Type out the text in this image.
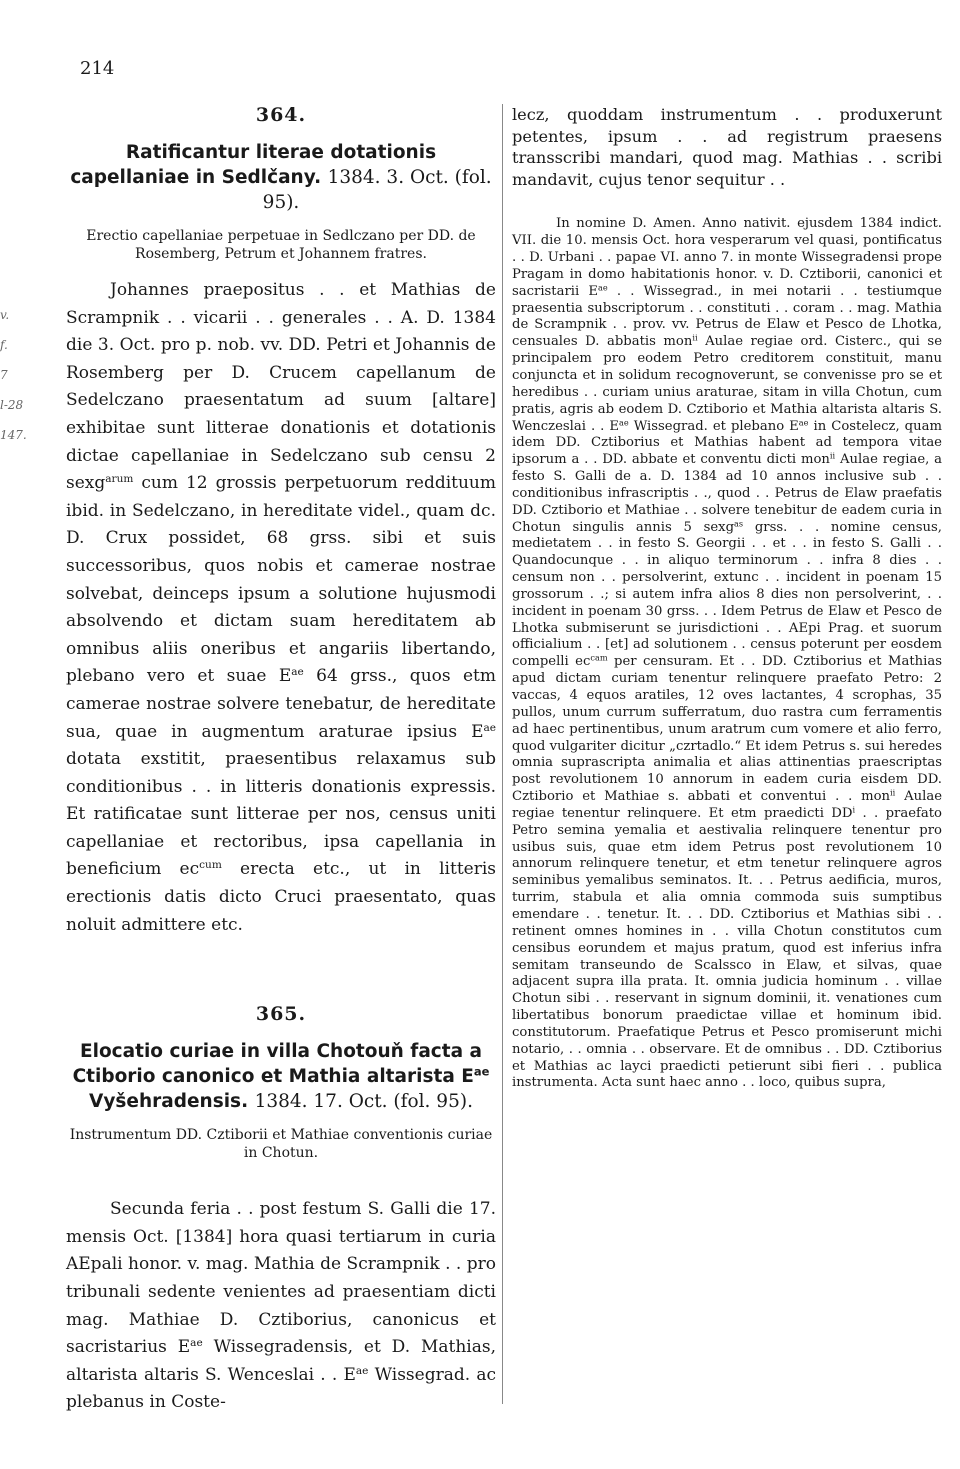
214
v.
f.
7
l-28
147.
364.
Ratificantur literae dotationis capellaniae in Sedlčany. 1384. 3. Oct. (fol. 95).
Erectio capellaniae perpetuae in Sedlczano per DD. de Rosemberg, Petrum et Johannem fratres.

Johannes praepositus . . et Mathias de Scrampnik . . vicarii . . generales . . A. D. 1384 die 3. Oct. pro p. nob. vv. DD. Petri et Johannis de Rosemberg per D. Crucem capellanum de Sedelczano praesentatum ad suum [altare] exhibitae sunt litterae donationis et dotationis dictae capellaniae in Sedelczano sub censu 2 sexg$^{arum}$ cum 12 grossis perpetuorum reddituum ibid. in Sedelczano, in hereditate videl., quam dc. D. Crux possidet, 68 grss. sibi et suis successoribus, quos nobis et camerae nostrae solvebat, deinceps ipsum a solutione hujusmodi absolvendo et dictam suam hereditatem ab omnibus aliis oneribus et angariis libertando, plebano vero et suae $E^{ae}$ 64 grss., quos etm camerae nostrae solvere tenebatur, de hereditate sua, quae in augmentum araturae ipsius $E^{ae}$ dotata exstitit, praesentibus relaxamus sub conditionibus . . in litteris donationis expressis. Et ratificatae sunt litterae per nos, census uniti capellaniae et rectoribus, ipsa capellania in beneficium $ec^{cum}$ erecta etc., ut in litteris erectionis datis dicto Cruci praesentato, quas noluit admittere etc.

365.
Elocatio curiae in villa Chotouň facta a Ctiborio canonico et Mathia altarista $E^{ae}$ Vyšehradensis. 1384. 17. Oct. (fol. 95).
Instrumentum DD. Cztiborii et Mathiae conventionis curiae in Chotun.

Secunda feria . . post festum S. Galli die 17. mensis Oct. [1384] hora quasi tertiarum in curia AEpali honor. v. mag. Mathia de Scrampnik . . pro tribunali sedente venientes ad praesentiam dicti mag. Mathiae D. Cztiborius, canonicus et sacristarius $E^{ae}$ Wissegradensis, et D. Mathias, altarista altaris S. Wenceslai . . $E^{ae}$ Wissegrad. ac plebanus in Coste-

lecz, quoddam instrumentum . . produxerunt petentes, ipsum . . ad registrum praesens transscribi mandari, quod mag. Mathias . . scribi mandavit, cujus tenor sequitur . .

In nomine D. Amen. Anno nativit. ejusdem 1384 indict. VII. die 10. mensis Oct. hora vesperarum vel quasi, pontificatus . . D. Urbani . . papae VI. anno 7. in monte Wissegradensi prope Pragam in domo habitationis honor. v. D. Cztiborii, canonici et sacristarii $E^{ae}$ . . Wissegrad., in mei notarii . . testiumque praesentia subscriptorum . . constituti . . coram . . mag. Mathia de Scrampnik . . prov. vv. Petrus de Elaw et Pesco de Lhotka, censuales D. abbatis mon$^{ii}$ Aulae regiae ord. Cisterc., qui se principalem pro eodem Petro creditorem constituit, manu conjuncta et in solidum recognoverunt, se convenisse pro se et heredibus . . curiam unius araturae, sitam in villa Chotun, cum pratis, agris ab eodem D. Cztiborio et Mathia altarista altaris S. Wenczeslai . . $E^{ae}$ Wissegrad. et plebano $E^{ae}$ in Costelecz, quam idem DD. Cztiborius et Mathias habent ad tempora vitae ipsorum a . . DD. abbate et conventu dicti mon$^{ii}$ Aulae regiae, a festo S. Galli de a. D. 1384 ad 10 annos inclusive sub . . conditionibus infrascriptis . ., quod . . Petrus de Elaw praefatis DD. Cztiborio et Mathiae . . solvere tenebitur de eadem curia in Chotun singulis annis 5 sexg$^{as}$ grss. . . nomine census, medietatem . . in festo S. Georgii . . et . . in festo S. Galli . . Quandocunque . . in aliquo terminorum . . infra 8 dies . . censum non . . persolverint, extunc . . incident in poenam 15 grossorum . .; si autem infra alios 8 dies non persolverint, . . incident in poenam 30 grss. . . Idem Petrus de Elaw et Pesco de Lhotka submiserunt se jurisdictioni . . AEpi Prag. et suorum officialium . . [et] ad solutionem . . census poterunt per eosdem compelli $ec^{cam}$ per censuram. Et . . DD. Cztiborius et Mathias apud dictam curiam tenentur relinquere praefato Petro: 2 vaccas, 4 equos aratiles, 12 oves lactantes, 4 scrophas, 35 pullos, unum currum sufferratum, duo rastra cum ferramentis ad haec pertinentibus, unum aratrum cum vomere et alio ferro, quod vulgariter dicitur „czrtadlo.“ Et idem Petrus s. sui heredes omnia suprascripta animalia et alias attinentias praescriptas post revolutionem 10 annorum in eadem curia eisdem DD. Cztiborio et Mathiae s. abbati et conventui . . mon$^{ii}$ Aulae regiae tenentur relinquere. Et etm praedicti $DD^i$ . . praefato Petro semina yemalia et aestivalia relinquere tenentur pro usibus suis, quae etm idem Petrus post revolutionem 10 annorum relinquere tenetur, et etm tenetur relinquere agros seminibus yemalibus seminatos. It. . . Petrus aedificia, muros, turrim, stabula et alia omnia commoda suis sumptibus emendare . . tenetur. It. . . DD. Cztiborius et Mathias sibi . . retinent omnes homines in . . villa Chotun constitutos cum censibus eorundem et majus pratum, quod est inferius infra semitam transeundo de Scalssco in Elaw, et silvas, quae adjacent supra illa prata. It. omnia judicia hominum . . villae Chotun sibi . . reservant in signum dominii, it. venationes cum libertatibus bonorum praedictae villae et hominum ibid. constitutorum. Praefatique Petrus et Pesco promiserunt michi notario, . . omnia . . observare. Et de omnibus . . DD. Cztiborius et Mathias ac layci praedicti petierunt sibi fieri . . publica instrumenta. Acta sunt haec anno . . loco, quibus supra,
